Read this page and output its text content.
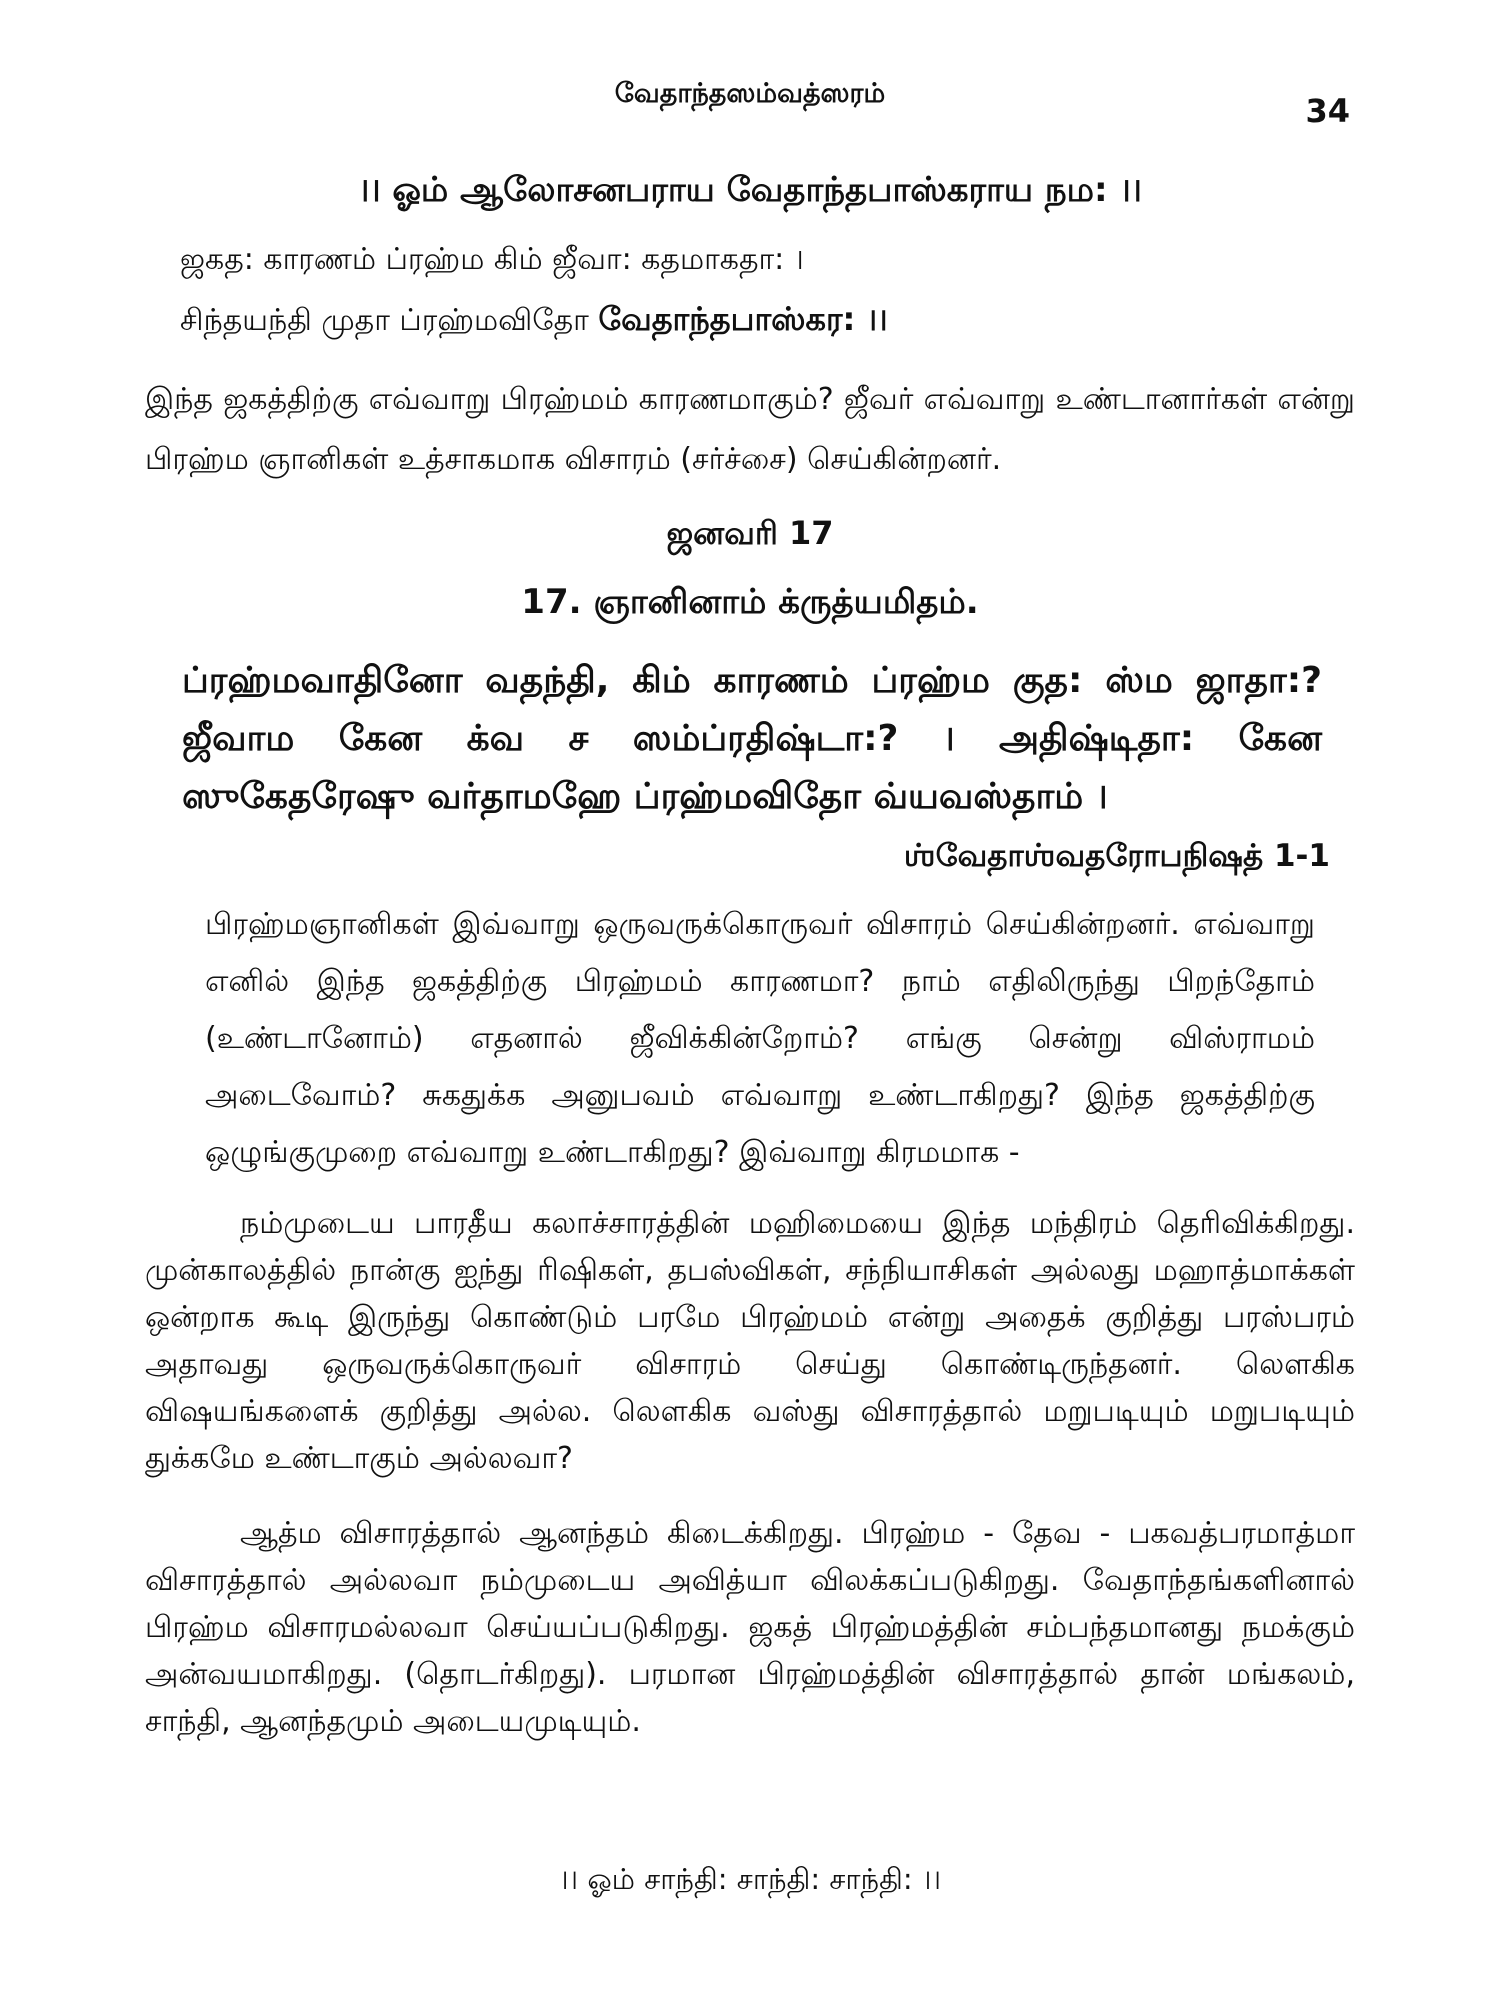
வேதாந்தஸம்வத்ஸரம்	34
।। ஓம் ஆலோசனபராய வேதாந்தபாஸ்கராய நம: ।।
ஜகத: காரணம் ப்ரஹ்ம கிம் ஜீவா: கதமாகதா: ।
சிந்தயந்தி முதா ப்ரஹ்மவிதோ வேதாந்தபாஸ்கர: ।।
இந்த ஜகத்திற்கு எவ்வாறு பிரஹ்மம் காரணமாகும்? ஜீவர் எவ்வாறு உண்டானார்கள் என்று பிரஹ்ம ஞானிகள் உத்சாகமாக விசாரம் (சர்ச்சை) செய்கின்றனர்.
ஜனவரி 17
17. ஞானினாம் க்ருத்யமிதம்.
ப்ரஹ்மவாதினோ வதந்தி, கிம் காரணம் ப்ரஹ்ம குத: ஸ்ம ஜாதா:? ஜீவாம கேன க்வ ச ஸம்ப்ரதிஷ்டா:? । அதிஷ்டிதா: கேன ஸுகேதரேஷு வர்தாமஹே ப்ரஹ்மவிதோ வ்யவஸ்தாம் ।
ஶ்வேதாஶ்வதரோபநிஷத் 1-1
பிரஹ்மஞானிகள் இவ்வாறு ஒருவருக்கொருவர் விசாரம் செய்கின்றனர். எவ்வாறு எனில் இந்த ஜகத்திற்கு பிரஹ்மம் காரணமா? நாம் எதிலிருந்து பிறந்தோம் (உண்டானோம்) எதனால் ஜீவிக்கின்றோம்? எங்கு சென்று விஸ்ராமம் அடைவோம்? சுகதுக்க அனுபவம் எவ்வாறு உண்டாகிறது? இந்த ஜகத்திற்கு ஒழுங்குமுறை எவ்வாறு உண்டாகிறது? இவ்வாறு கிரமமாக -
நம்முடைய பாரதீய கலாச்சாரத்தின் மஹிமையை இந்த மந்திரம் தெரிவிக்கிறது. முன்காலத்தில் நான்கு ஐந்து ரிஷிகள், தபஸ்விகள், சந்நியாசிகள் அல்லது மஹாத்மாக்கள் ஒன்றாக கூடி இருந்து கொண்டும் பரமே பிரஹ்மம் என்று அதைக் குறித்து பரஸ்பரம் அதாவது ஒருவருக்கொருவர் விசாரம் செய்து கொண்டிருந்தனர். லௌகிக விஷயங்களைக் குறித்து அல்ல. லௌகிக வஸ்து விசாரத்தால் மறுபடியும் மறுபடியும் துக்கமே உண்டாகும் அல்லவா?
ஆத்ம விசாரத்தால் ஆனந்தம் கிடைக்கிறது. பிரஹ்ம - தேவ - பகவத்பரமாத்மா விசாரத்தால் அல்லவா நம்முடைய அவித்யா விலக்கப்படுகிறது. வேதாந்தங்களினால் பிரஹ்ம விசாரமல்லவா செய்யப்படுகிறது. ஜகத் பிரஹ்மத்தின் சம்பந்தமானது நமக்கும் அன்வயமாகிறது. (தொடர்கிறது). பரமான பிரஹ்மத்தின் விசாரத்தால் தான் மங்கலம், சாந்தி, ஆனந்தமும் அடையமுடியும்.
।। ஓம் சாந்தி: சாந்தி: சாந்தி: ।।
